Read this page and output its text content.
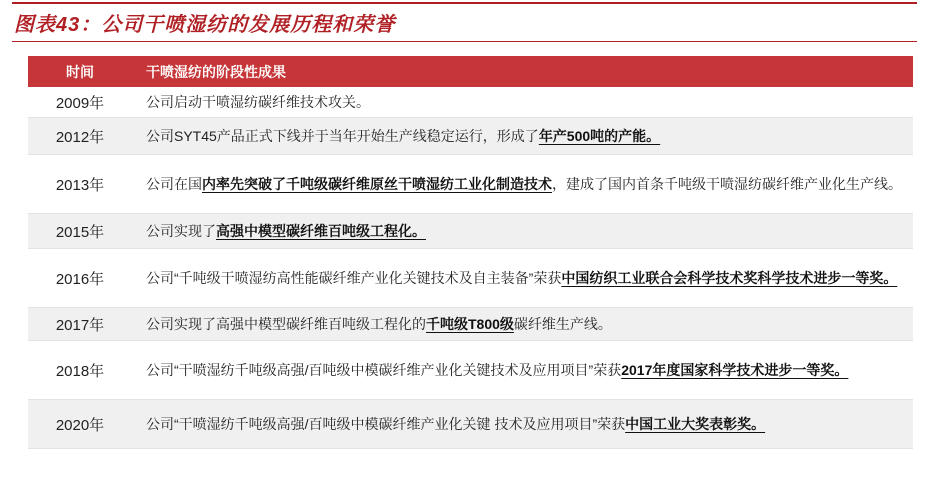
图表43：公司干喷湿纺的发展历程和荣誉
时间	干喷湿纺的阶段性成果
2009年	公司启动干喷湿纺碳纤维技术攻关。
2012年	公司SYT45产品正式下线并于当年开始生产线稳定运行，形成了年产500吨的产能。
2013年	公司在国内率先突破了千吨级碳纤维原丝干喷湿纺工业化制造技术，建成了国内首条千吨级干喷湿纺碳纤维产业化生产线。
2015年	公司实现了高强中模型碳纤维百吨级工程化。
2016年	公司“千吨级干喷湿纺高性能碳纤维产业化关键技术及自主装备”荣获中国纺织工业联合会科学技术奖科学技术进步一等奖。
2017年	公司实现了高强中模型碳纤维百吨级工程化的千吨级T800级碳纤维生产线。
2018年	公司“干喷湿纺千吨级高强/百吨级中模碳纤维产业化关键技术及应用项目”荣获2017年度国家科学技术进步一等奖。
2020年	公司“干喷湿纺千吨级高强/百吨级中模碳纤维产业化关键 技术及应用项目”荣获中国工业大奖表彰奖。
